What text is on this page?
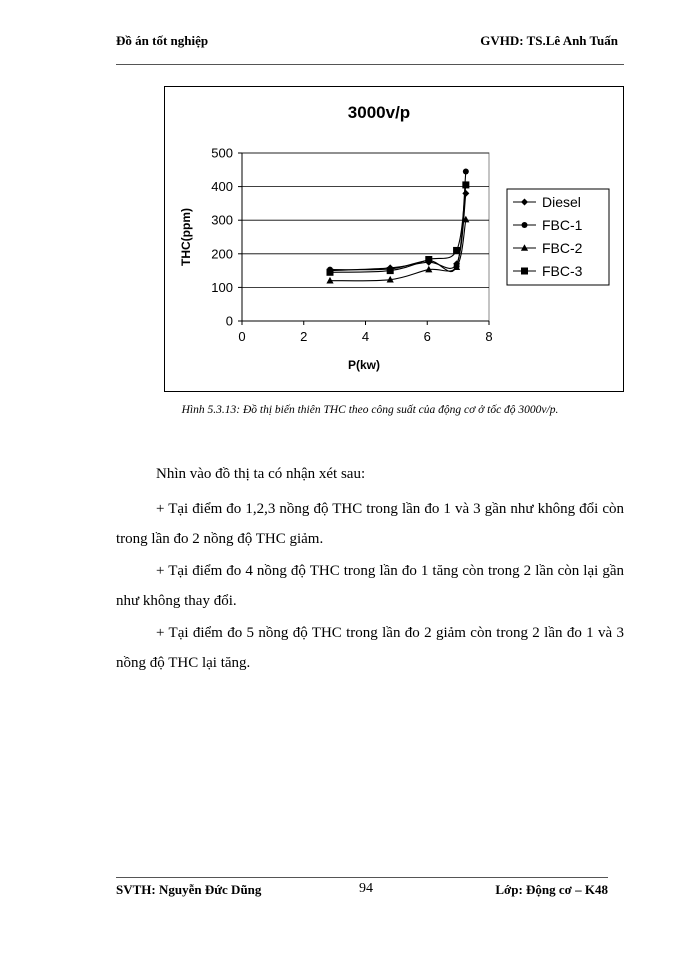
Đồ án tốt nghiệp	GVHD: TS.Lê Anh Tuấn
3000v/p
0
100
200
300
400
500
0	2	4	6	8
P(kw)
THC(ppm)
Diesel
FBC-1
FBC-2
FBC-3
Hình 5.3.13: Đồ thị biến thiên THC theo công suất của động cơ ở tốc độ 3000v/p.

Nhìn vào đồ thị ta có nhận xét sau:

+ Tại điểm đo 1,2,3 nồng độ THC trong lần đo 1 và 3 gần như không đổi còn trong lần đo 2 nồng độ THC giảm.

+ Tại điểm đo 4 nồng độ THC trong lần đo 1 tăng còn trong 2 lần còn lại gần như không thay đổi.

+ Tại điểm đo 5 nồng độ THC trong lần đo 2 giảm còn trong 2 lần đo 1 và 3 nồng độ THC lại tăng.

SVTH: Nguyễn Đức Dũng	94	Lớp: Động cơ – K48
